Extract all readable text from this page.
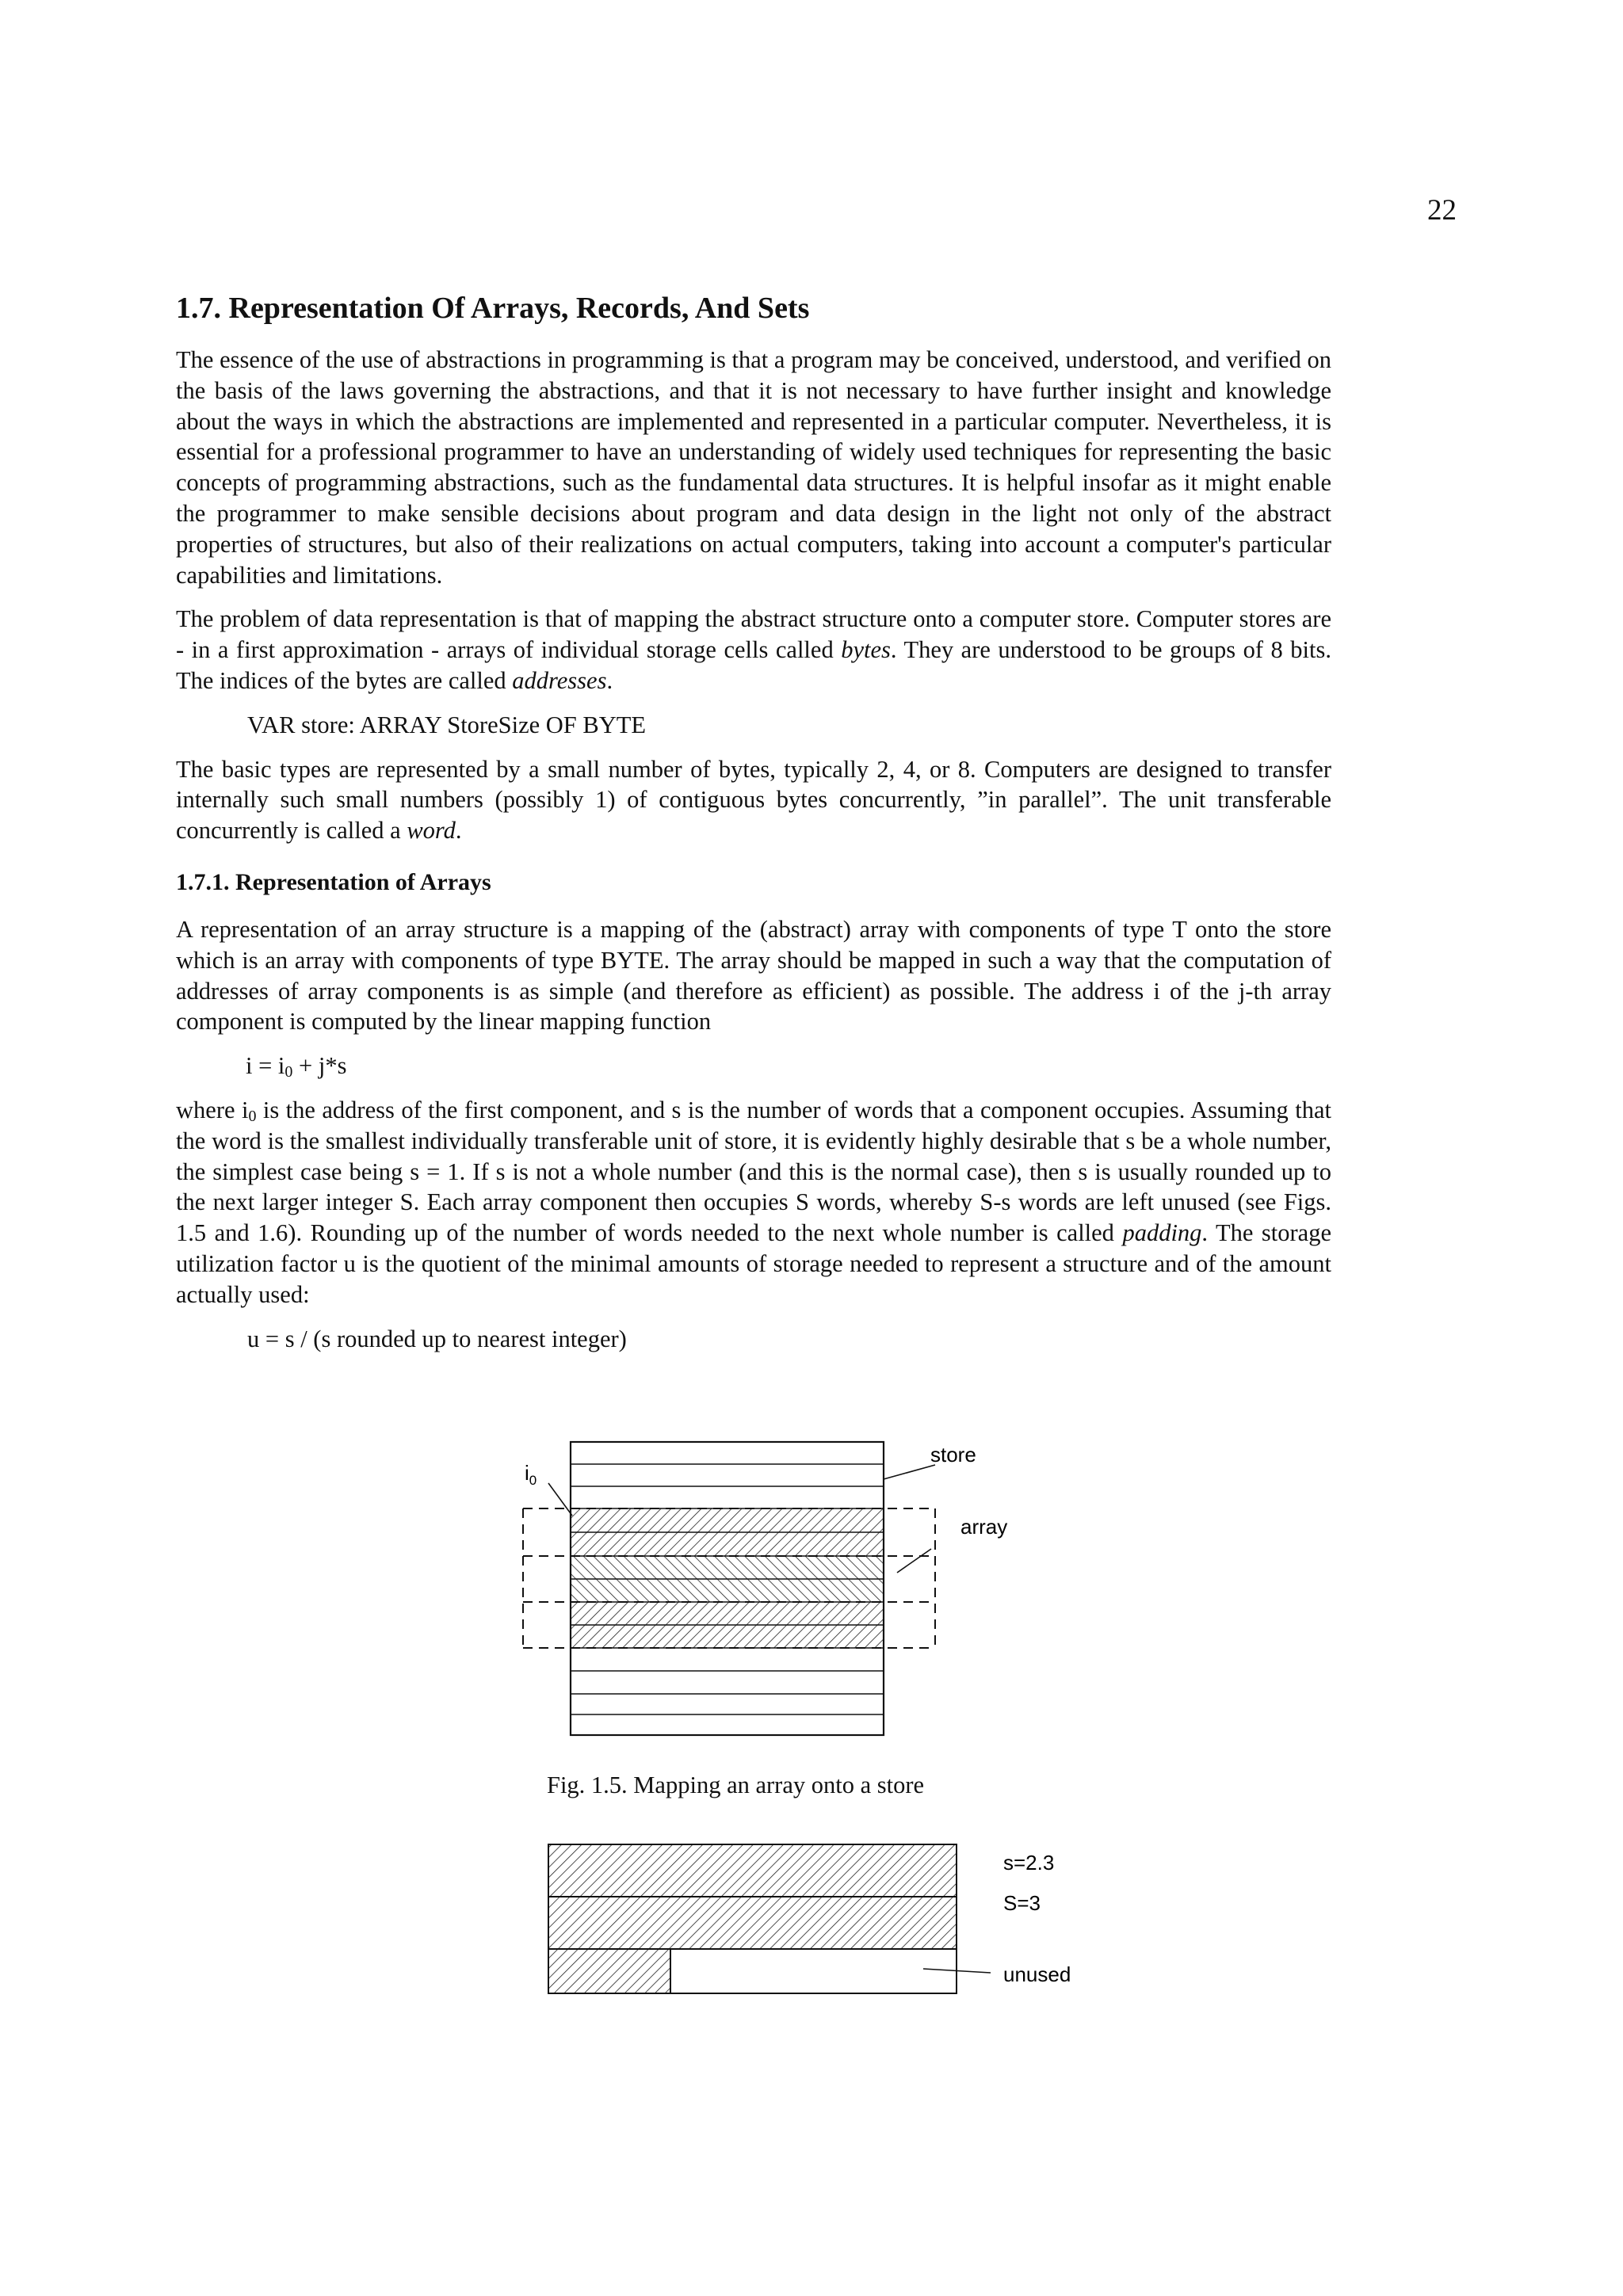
22
1.7. Representation Of Arrays, Records, And Sets

The essence of the use of abstractions in programming is that a program may be conceived, understood, and verified on the basis of the laws governing the abstractions, and that it is not necessary to have further insight and knowledge about the ways in which the abstractions are implemented and represented in a particular computer. Nevertheless, it is essential for a professional programmer to have an understanding of widely used techniques for representing the basic concepts of programming abstractions, such as the fundamental data structures. It is helpful insofar as it might enable the programmer to make sensible decisions about program and data design in the light not only of the abstract properties of structures, but also of their realizations on actual computers, taking into account a computer's particular capabilities and limitations.

The problem of data representation is that of mapping the abstract structure onto a computer store. Computer stores are - in a first approximation - arrays of individual storage cells called bytes. They are understood to be groups of 8 bits. The indices of the bytes are called addresses.

VAR store: ARRAY StoreSize OF BYTE

The basic types are represented by a small number of bytes, typically 2, 4, or 8. Computers are designed to transfer internally such small numbers (possibly 1) of contiguous bytes concurrently, ”in parallel”. The unit transferable concurrently is called a word.

1.7.1. Representation of Arrays

A representation of an array structure is a mapping of the (abstract) array with components of type T onto the store which is an array with components of type BYTE. The array should be mapped in such a way that the computation of addresses of array components is as simple (and therefore as efficient) as possible. The address i of the j-th array component is computed by the linear mapping function

$i = i_0 + j*s$

where $i_0$ is the address of the first component, and s is the number of words that a component occupies. Assuming that the word is the smallest individually transferable unit of store, it is evidently highly desirable that s be a whole number, the simplest case being s = 1. If s is not a whole number (and this is the normal case), then s is usually rounded up to the next larger integer S. Each array component then occupies S words, whereby S-s words are left unused (see Figs. 1.5 and 1.6). Rounding up of the number of words needed to the next whole number is called padding. The storage utilization factor u is the quotient of the minimal amounts of storage needed to represent a structure and of the amount actually used:

u = s / (s rounded up to nearest integer)
store
array
$i_0$
Fig. 1.5. Mapping an array onto a store
s=2.3
S=3
unused
